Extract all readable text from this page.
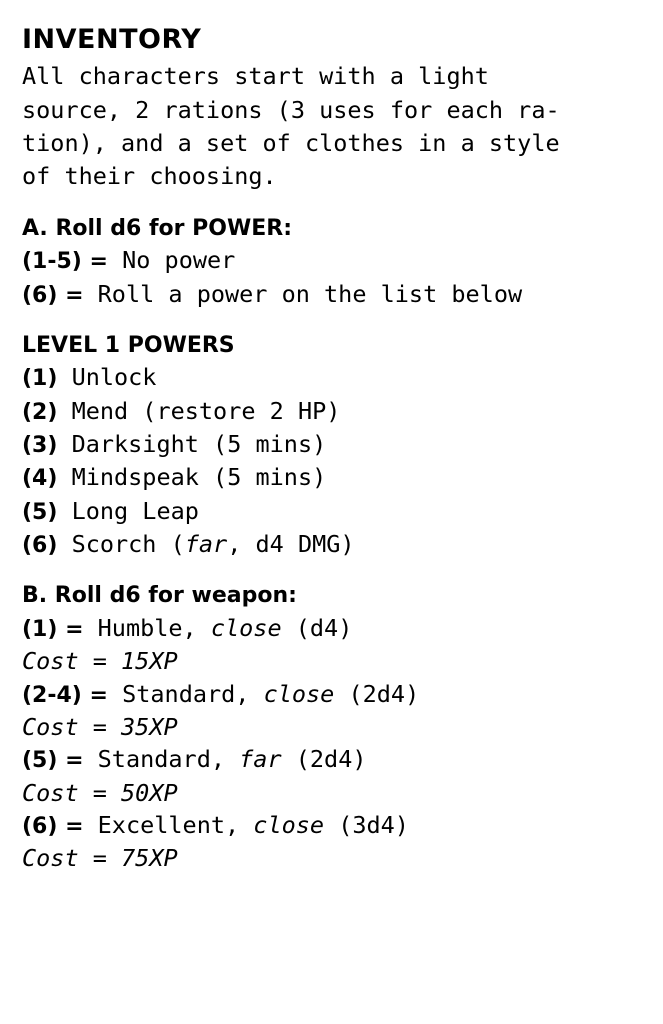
INVENTORY
All characters start with a light
source, 2 rations (3 uses for each ra-
tion), and a set of clothes in a style
of their choosing.
A. Roll d6 for POWER:
(1-5) = No power
(6) = Roll a power on the list below
LEVEL 1 POWERS
(1) Unlock
(2) Mend (restore 2 HP)
(3) Darksight (5 mins)
(4) Mindspeak (5 mins)
(5) Long Leap
(6) Scorch (far, d4 DMG)
B. Roll d6 for weapon:
(1) = Humble, close (d4)
Cost = 15XP
(2-4) = Standard, close (2d4)
Cost = 35XP
(5) = Standard, far (2d4)
Cost = 50XP
(6) = Excellent, close (3d4)
Cost = 75XP
